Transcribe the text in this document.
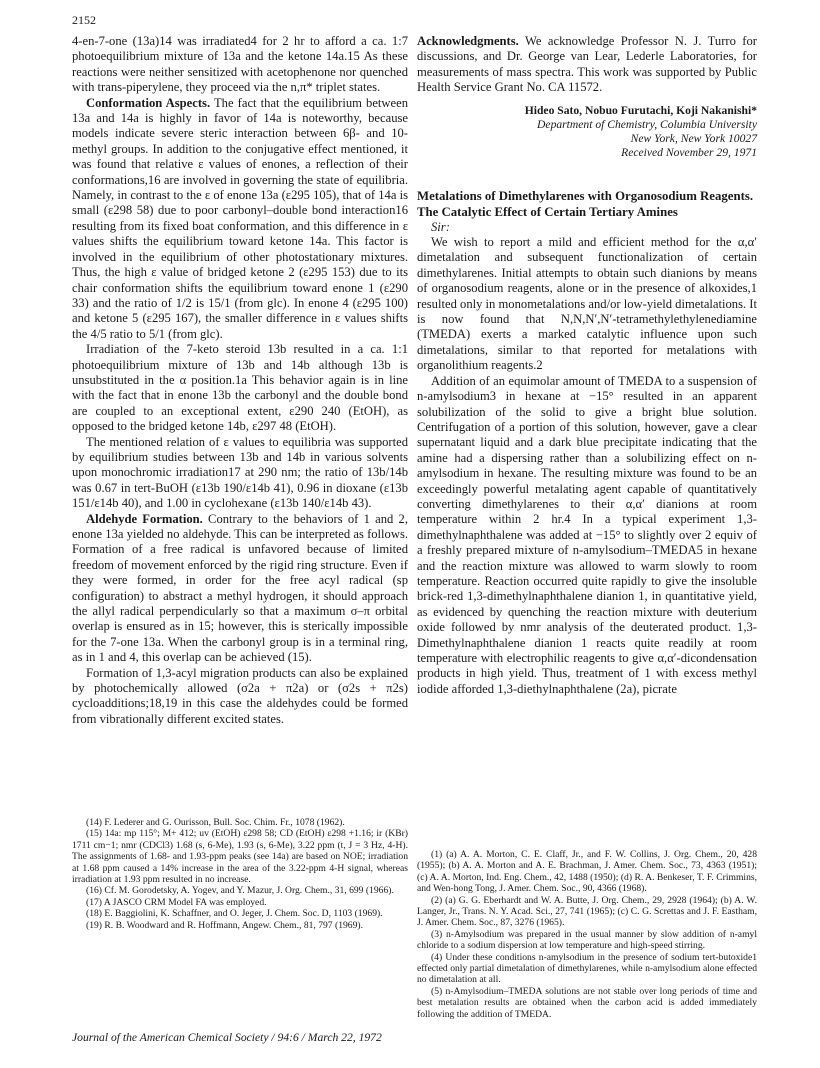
2152

4-en-7-one (13a)14 was irradiated4 for 2 hr to afford a ca. 1:7 photoequilibrium mixture of 13a and the ketone 14a.15 As these reactions were neither sensitized with acetophenone nor quenched with trans-piperylene, they proceed via the n,π* triplet states.

Conformation Aspects. The fact that the equilibrium between 13a and 14a is highly in favor of 14a is noteworthy, because models indicate severe steric interaction between 6β- and 10-methyl groups. In addition to the conjugative effect mentioned, it was found that relative ε values of enones, a reflection of their conformations,16 are involved in governing the state of equilibria. Namely, in contrast to the ε of enone 13a (ε295 105), that of 14a is small (ε298 58) due to poor carbonyl–double bond interaction16 resulting from its fixed boat conformation, and this difference in ε values shifts the equilibrium toward ketone 14a. This factor is involved in the equilibrium of other photostationary mixtures. Thus, the high ε value of bridged ketone 2 (ε295 153) due to its chair conformation shifts the equilibrium toward enone 1 (ε290 33) and the ratio of 1/2 is 15/1 (from glc). In enone 4 (ε295 100) and ketone 5 (ε295 167), the smaller difference in ε values shifts the 4/5 ratio to 5/1 (from glc).

Irradiation of the 7-keto steroid 13b resulted in a ca. 1:1 photoequilibrium mixture of 13b and 14b although 13b is unsubstituted in the α position.1a This behavior again is in line with the fact that in enone 13b the carbonyl and the double bond are coupled to an exceptional extent, ε290 240 (EtOH), as opposed to the bridged ketone 14b, ε297 48 (EtOH).

The mentioned relation of ε values to equilibria was supported by equilibrium studies between 13b and 14b in various solvents upon monochromic irradiation17 at 290 nm; the ratio of 13b/14b was 0.67 in tert-BuOH (ε13b 190/ε14b 41), 0.96 in dioxane (ε13b 151/ε14b 40), and 1.00 in cyclohexane (ε13b 140/ε14b 43).

Aldehyde Formation. Contrary to the behaviors of 1 and 2, enone 13a yielded no aldehyde. This can be interpreted as follows. Formation of a free radical is unfavored because of limited freedom of movement enforced by the rigid ring structure. Even if they were formed, in order for the free acyl radical (sp configuration) to abstract a methyl hydrogen, it should approach the allyl radical perpendicularly so that a maximum σ–π orbital overlap is ensured as in 15; however, this is sterically impossible for the 7-one 13a. When the carbonyl group is in a terminal ring, as in 1 and 4, this overlap can be achieved (15).

Formation of 1,3-acyl migration products can also be explained by photochemically allowed (σ2a + π2a) or (σ2s + π2s) cycloadditions;18,19 in this case the aldehydes could be formed from vibrationally different excited states.

(14) F. Lederer and G. Ourisson, Bull. Soc. Chim. Fr., 1078 (1962).

(15) 14a: mp 115°; M+ 412; uv (EtOH) ε298 58; CD (EtOH) ε298 +1.16; ir (KBr) 1711 cm−1; nmr (CDCl3) 1.68 (s, 6-Me), 1.93 (s, 6-Me), 3.22 ppm (t, J = 3 Hz, 4-H). The assignments of 1.68- and 1.93-ppm peaks (see 14a) are based on NOE; irradiation at 1.68 ppm caused a 14% increase in the area of the 3.22-ppm 4-H signal, whereas irradiation at 1.93 ppm resulted in no increase.

(16) Cf. M. Gorodetsky, A. Yogev, and Y. Mazur, J. Org. Chem., 31, 699 (1966).

(17) A JASCO CRM Model FA was employed.

(18) E. Baggiolini, K. Schaffner, and O. Jeger, J. Chem. Soc. D, 1103 (1969).

(19) R. B. Woodward and R. Hoffmann, Angew. Chem., 81, 797 (1969).

Acknowledgments. We acknowledge Professor N. J. Turro for discussions, and Dr. George van Lear, Lederle Laboratories, for measurements of mass spectra. This work was supported by Public Health Service Grant No. CA 11572.

Hideo Sato, Nobuo Furutachi, Koji Nakanishi*
Department of Chemistry, Columbia University
New York, New York 10027
Received November 29, 1971
Metalations of Dimethylarenes with Organosodium Reagents. The Catalytic Effect of Certain Tertiary Amines

Sir:

We wish to report a mild and efficient method for the α,α′ dimetalation and subsequent functionalization of certain dimethylarenes. Initial attempts to obtain such dianions by means of organosodium reagents, alone or in the presence of alkoxides,1 resulted only in monometalations and/or low-yield dimetalations. It is now found that N,N,N′,N′-tetramethylethylenediamine (TMEDA) exerts a marked catalytic influence upon such dimetalations, similar to that reported for metalations with organolithium reagents.2

Addition of an equimolar amount of TMEDA to a suspension of n-amylsodium3 in hexane at −15° resulted in an apparent solubilization of the solid to give a bright blue solution. Centrifugation of a portion of this solution, however, gave a clear supernatant liquid and a dark blue precipitate indicating that the amine had a dispersing rather than a solubilizing effect on n-amylsodium in hexane. The resulting mixture was found to be an exceedingly powerful metalating agent capable of quantitatively converting dimethylarenes to their α,α′ dianions at room temperature within 2 hr.4 In a typical experiment 1,3-dimethylnaphthalene was added at −15° to slightly over 2 equiv of a freshly prepared mixture of n-amylsodium–TMEDA5 in hexane and the reaction mixture was allowed to warm slowly to room temperature. Reaction occurred quite rapidly to give the insoluble brick-red 1,3-dimethylnaphthalene dianion 1, in quantitative yield, as evidenced by quenching the reaction mixture with deuterium oxide followed by nmr analysis of the deuterated product. 1,3-Dimethylnaphthalene dianion 1 reacts quite readily at room temperature with electrophilic reagents to give α,α′-dicondensation products in high yield. Thus, treatment of 1 with excess methyl iodide afforded 1,3-diethylnaphthalene (2a), picrate

(1) (a) A. A. Morton, C. E. Claff, Jr., and F. W. Collins, J. Org. Chem., 20, 428 (1955); (b) A. A. Morton and A. E. Brachman, J. Amer. Chem. Soc., 73, 4363 (1951); (c) A. A. Morton, Ind. Eng. Chem., 42, 1488 (1950); (d) R. A. Benkeser, T. F. Crimmins, and Wen-hong Tong, J. Amer. Chem. Soc., 90, 4366 (1968).

(2) (a) G. G. Eberhardt and W. A. Butte, J. Org. Chem., 29, 2928 (1964); (b) A. W. Langer, Jr., Trans. N. Y. Acad. Sci., 27, 741 (1965); (c) C. G. Screttas and J. F. Eastham, J. Amer. Chem. Soc., 87, 3276 (1965).

(3) n-Amylsodium was prepared in the usual manner by slow addition of n-amyl chloride to a sodium dispersion at low temperature and high-speed stirring.

(4) Under these conditions n-amylsodium in the presence of sodium tert-butoxide1 effected only partial dimetalation of dimethylarenes, while n-amylsodium alone effected no dimetalation at all.

(5) n-Amylsodium–TMEDA solutions are not stable over long periods of time and best metalation results are obtained when the carbon acid is added immediately following the addition of TMEDA.

Journal of the American Chemical Society / 94:6 / March 22, 1972
